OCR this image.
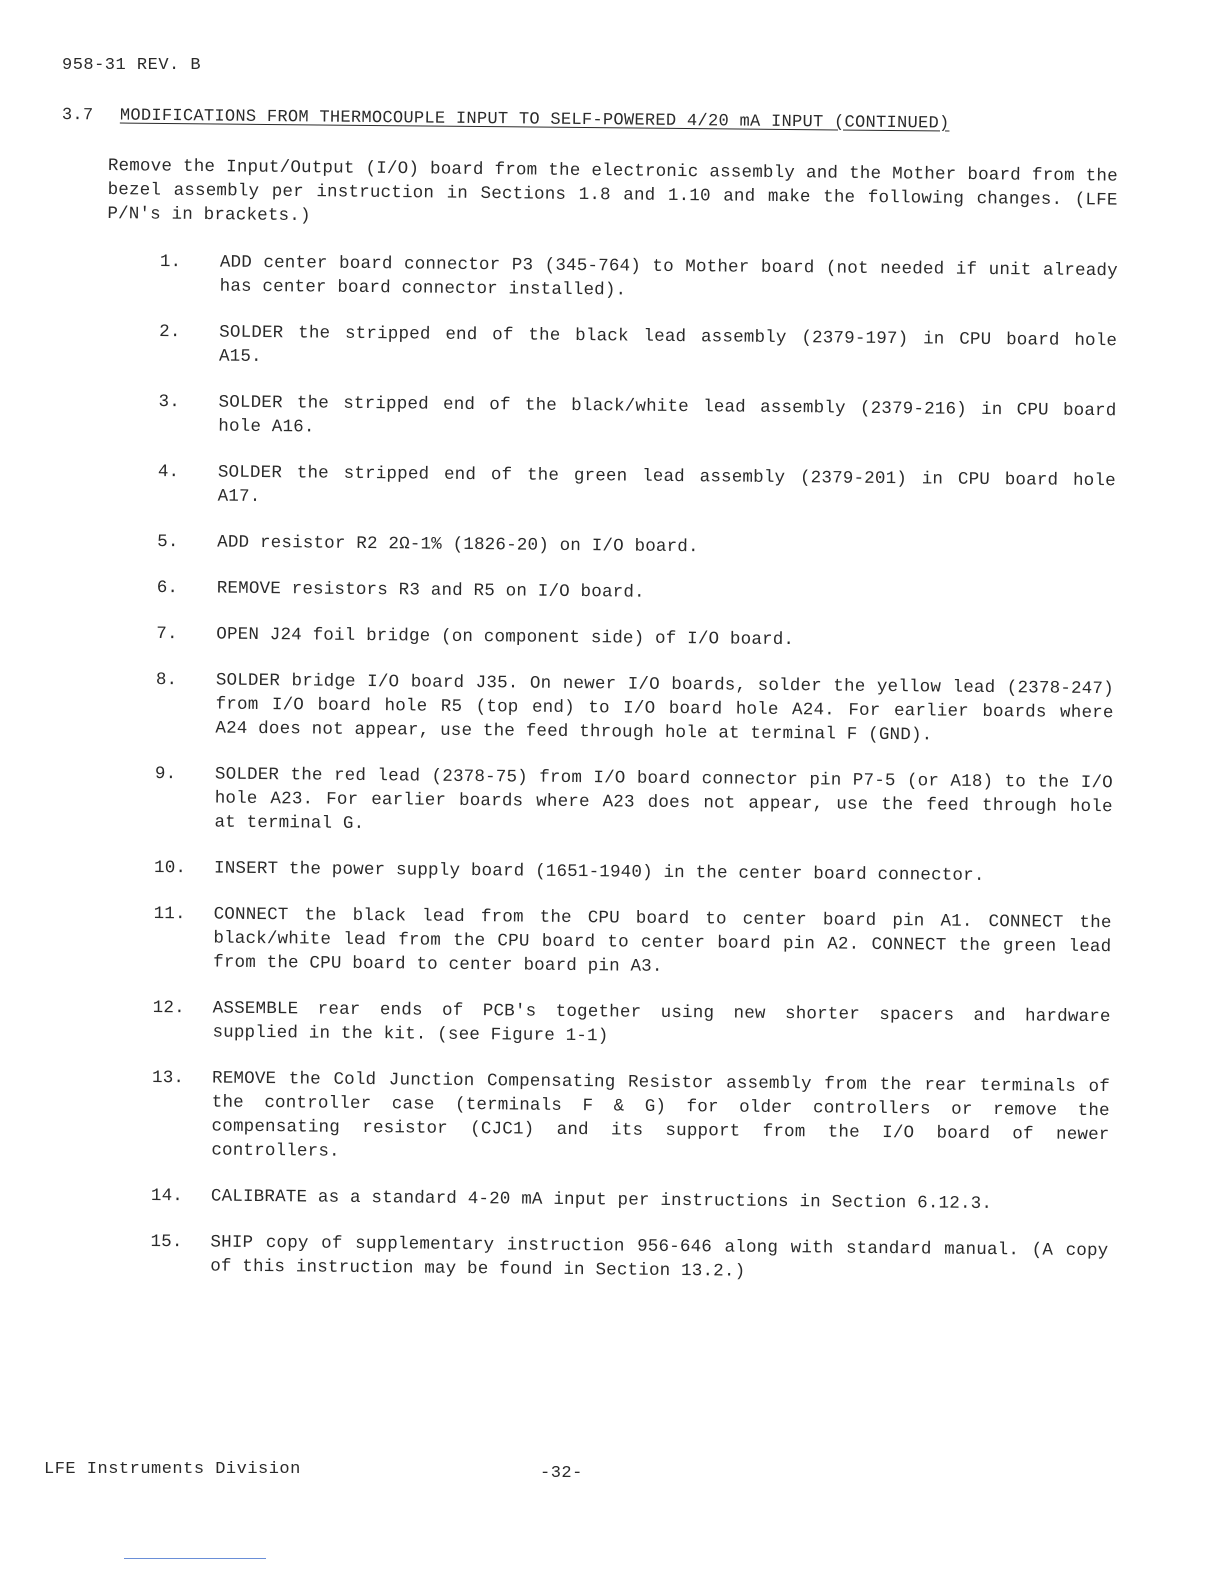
958-31 REV. B
3.7 MODIFICATIONS FROM THERMOCOUPLE INPUT TO SELF-POWERED 4/20 mA INPUT (CONTINUED)
Remove the Input/Output (I/O) board from the electronic assembly and the Mother board from the bezel assembly per instruction in Sections 1.8 and 1.10 and make the following changes. (LFE P/N's in brackets.)
1.	ADD center board connector P3 (345-764) to Mother board (not needed if unit already has center board connector installed).
2.	SOLDER the stripped end of the black lead assembly (2379-197) in CPU board hole A15.
3.	SOLDER the stripped end of the black/white lead assembly (2379-216) in CPU board hole A16.
4.	SOLDER the stripped end of the green lead assembly (2379-201) in CPU board hole A17.
5.	ADD resistor R2 2Ω-1% (1826-20) on I/O board.
6.	REMOVE resistors R3 and R5 on I/O board.
7.	OPEN J24 foil bridge (on component side) of I/O board.
8.	SOLDER bridge I/O board J35. On newer I/O boards, solder the yellow lead (2378-247) from I/O board hole R5 (top end) to I/O board hole A24. For earlier boards where A24 does not appear, use the feed through hole at terminal F (GND).
9.	SOLDER the red lead (2378-75) from I/O board connector pin P7-5 (or A18) to the I/O hole A23. For earlier boards where A23 does not appear, use the feed through hole at terminal G.
10.	INSERT the power supply board (1651-1940) in the center board connector.
11.	CONNECT the black lead from the CPU board to center board pin A1. CONNECT the black/white lead from the CPU board to center board pin A2. CONNECT the green lead from the CPU board to center board pin A3.
12.	ASSEMBLE rear ends of PCB's together using new shorter spacers and hardware supplied in the kit. (see Figure 1-1)
13.	REMOVE the Cold Junction Compensating Resistor assembly from the rear terminals of the controller case (terminals F & G) for older controllers or remove the compensating resistor (CJC1) and its support from the I/O board of newer controllers.
14.	CALIBRATE as a standard 4-20 mA input per instructions in Section 6.12.3.
15.	SHIP copy of supplementary instruction 956-646 along with standard manual. (A copy of this instruction may be found in Section 13.2.)
LFE Instruments Division	-32-
